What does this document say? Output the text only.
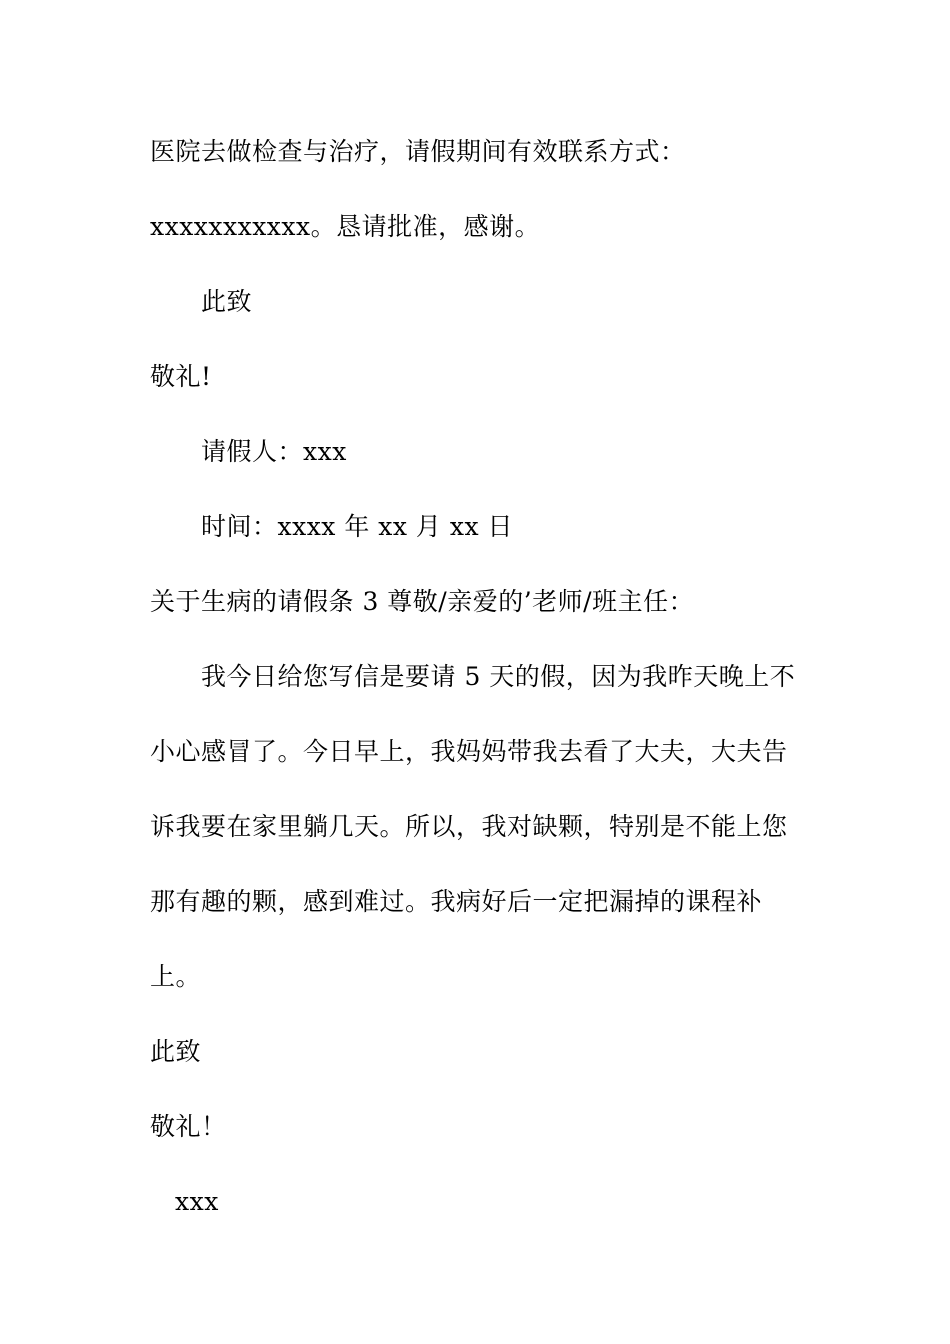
医院去做检查与治疗，请假期间有效联系方式：
xxxxxxxxxxx。恳请批准，感谢。
此致
敬礼!
请假人：xxx
时间：xxxx 年 xx 月 xx 日
关于生病的请假条 3 尊敬/亲爱的’老师/班主任：
我今日给您写信是要请 5 天的假，因为我昨天晚上不
小心感冒了。今日早上，我妈妈带我去看了大夫，大夫告
诉我要在家里躺几天。所以，我对缺颗，特别是不能上您
那有趣的颗，感到难过。我病好后一定把漏掉的课程补
上。
此致
敬礼！
xxx
